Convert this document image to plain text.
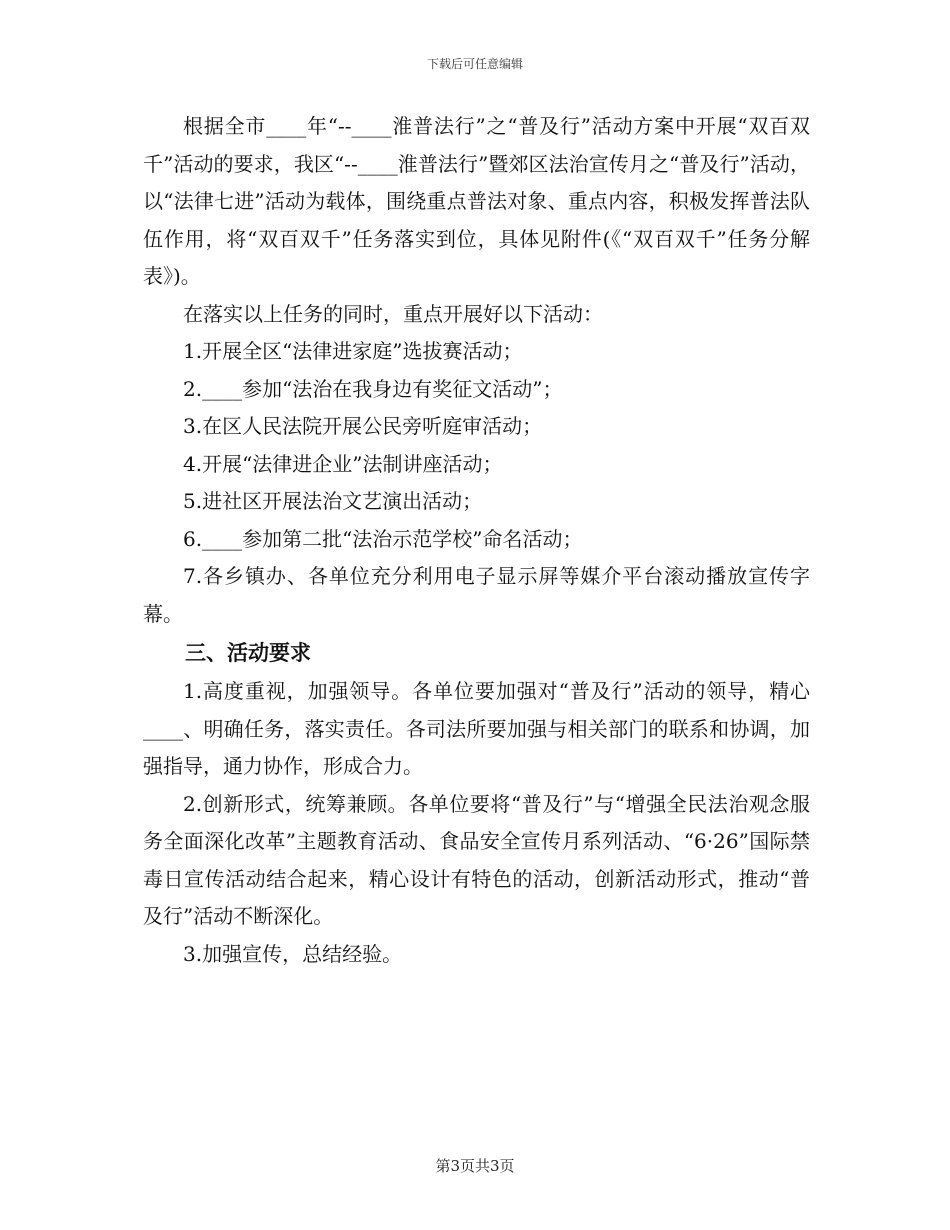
下载后可任意编辑

根据全市____年“--____淮普法行”之“普及行”活动方案中开展“双百双千”活动的要求，我区“--____淮普法行”暨郊区法治宣传月之“普及行”活动，以“法律七进”活动为载体，围绕重点普法对象、重点内容，积极发挥普法队伍作用，将“双百双千”任务落实到位，具体见附件(《“双百双千”任务分解表》)。

在落实以上任务的同时，重点开展好以下活动：

1.开展全区“法律进家庭”选拔赛活动；

2.____参加“法治在我身边有奖征文活动”；

3.在区人民法院开展公民旁听庭审活动；

4.开展“法律进企业”法制讲座活动；

5.进社区开展法治文艺演出活动；

6.____参加第二批“法治示范学校”命名活动；

7.各乡镇办、各单位充分利用电子显示屏等媒介平台滚动播放宣传字幕。

三、活动要求

1.高度重视，加强领导。各单位要加强对“普及行”活动的领导，精心____、明确任务，落实责任。各司法所要加强与相关部门的联系和协调，加强指导，通力协作，形成合力。

2.创新形式，统筹兼顾。各单位要将“普及行”与“增强全民法治观念服务全面深化改革”主题教育活动、食品安全宣传月系列活动、“6·26”国际禁毒日宣传活动结合起来，精心设计有特色的活动，创新活动形式，推动“普及行”活动不断深化。

3.加强宣传，总结经验。

第3页共3页
